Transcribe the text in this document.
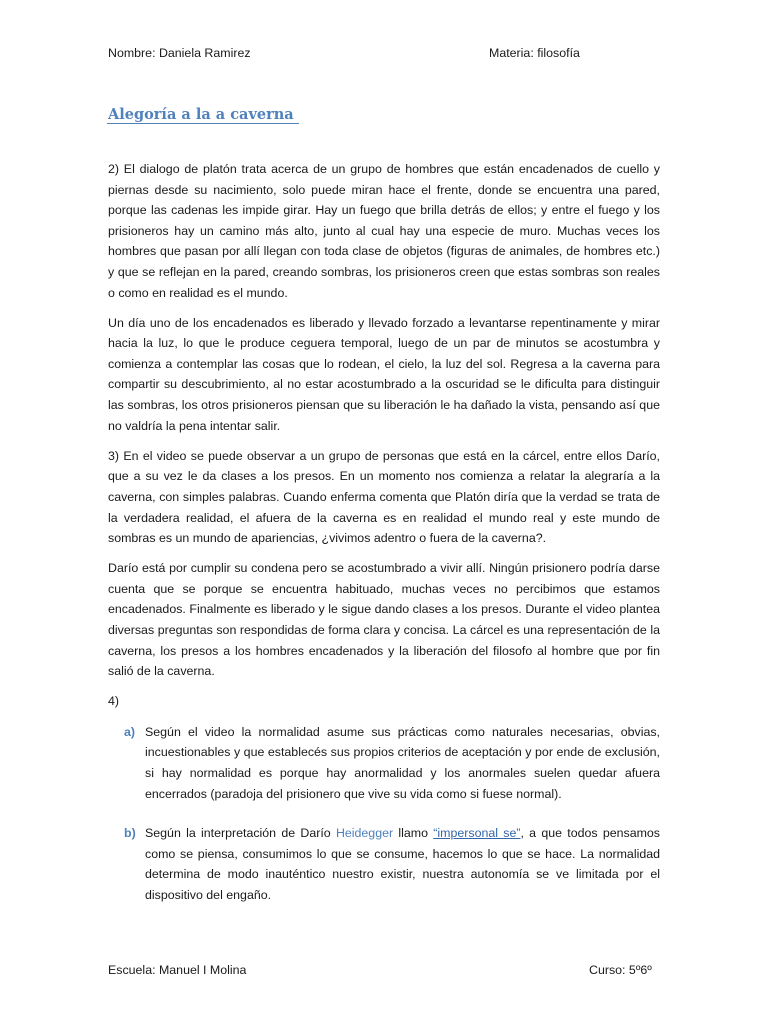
Nombre: Daniela Ramirez	Materia: filosofía
Alegoría a la a caverna

2) El dialogo de platón trata acerca de un grupo de hombres que están encadenados de cuello y piernas desde su nacimiento, solo puede miran hace el frente, donde se encuentra una pared, porque las cadenas les impide girar. Hay un fuego que brilla detrás de ellos; y entre el fuego y los prisioneros hay un camino más alto, junto al cual hay una especie de muro. Muchas veces los hombres que pasan por allí llegan con toda clase de objetos (figuras de animales, de hombres etc.) y que se reflejan en la pared, creando sombras, los prisioneros creen que estas sombras son reales o como en realidad es el mundo.

Un día uno de los encadenados es liberado y llevado forzado a levantarse repentinamente y mirar hacia la luz, lo que le produce ceguera temporal, luego de un par de minutos se acostumbra y comienza a contemplar las cosas que lo rodean, el cielo, la luz del sol. Regresa a la caverna para compartir su descubrimiento, al no estar acostumbrado a la oscuridad se le dificulta para distinguir las sombras, los otros prisioneros piensan que su liberación le ha dañado la vista, pensando así que no valdría la pena intentar salir.

3) En el video se puede observar a un grupo de personas que está en la cárcel, entre ellos Darío, que a su vez le da clases a los presos. En un momento nos comienza a relatar la alegraría a la caverna, con simples palabras. Cuando enferma comenta que Platón diría que la verdad se trata de la verdadera realidad, el afuera de la caverna es en realidad el mundo real y este mundo de sombras es un mundo de apariencias, ¿vivimos adentro o fuera de la caverna?.

Darío está por cumplir su condena pero se acostumbrado a vivir allí. Ningún prisionero podría darse cuenta que se porque se encuentra habituado, muchas veces no percibimos que estamos encadenados. Finalmente es liberado y le sigue dando clases a los presos. Durante el video plantea diversas preguntas son respondidas de forma clara y concisa. La cárcel es una representación de la caverna, los presos a los hombres encadenados y la liberación del filosofo al hombre que por fin salió de la caverna.

4)

a) Según el video la normalidad asume sus prácticas como naturales necesarias, obvias, incuestionables y que establecés sus propios criterios de aceptación y por ende de exclusión, si hay normalidad es porque hay anormalidad y los anormales suelen quedar afuera encerrados (paradoja del prisionero que vive su vida como si fuese normal).
b) Según la interpretación de Darío Heidegger llamo “impersonal se”, a que todos pensamos como se piensa, consumimos lo que se consume, hacemos lo que se hace. La normalidad determina de modo inauténtico nuestro existir, nuestra autonomía se ve limitada por el dispositivo del engaño.
Escuela: Manuel I Molina	Curso: 5º6º
